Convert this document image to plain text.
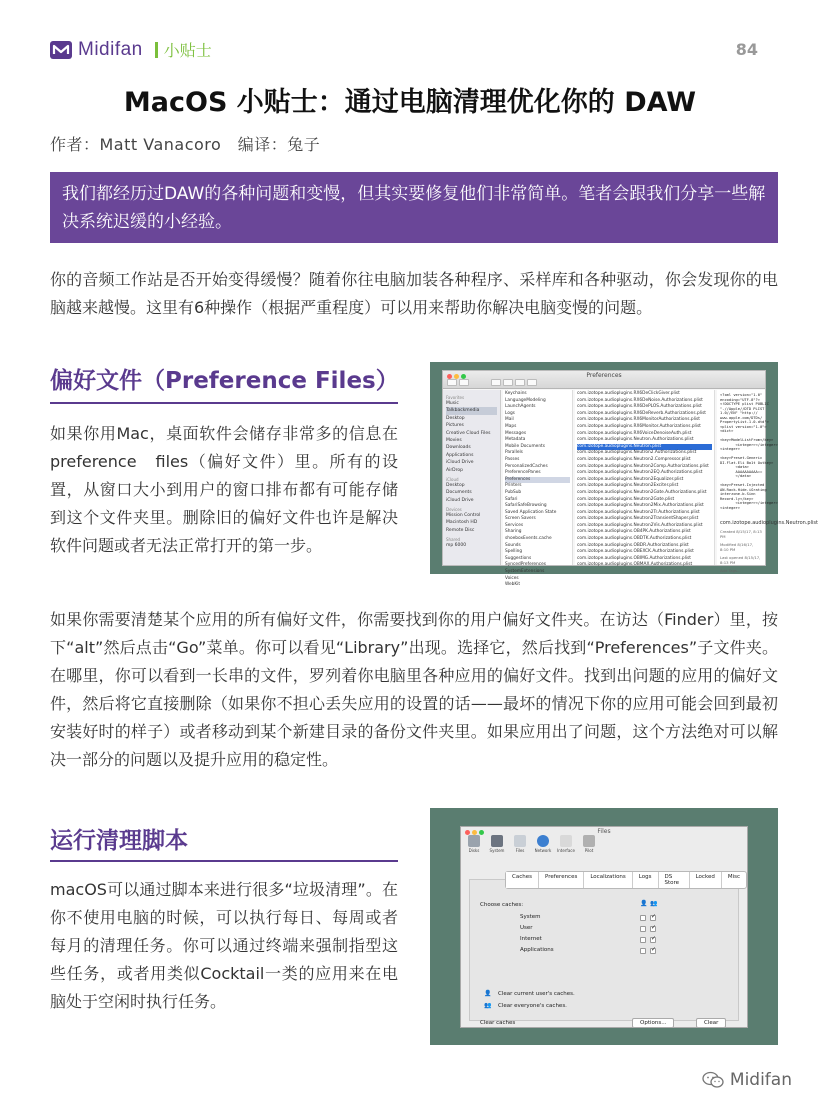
Midifan 小贴士	84
MacOS 小贴士：通过电脑清理优化你的 DAW
作者：Matt Vanacoro　编译：兔子
我们都经历过DAW的各种问题和变慢，但其实要修复他们非常简单。笔者会跟我们分享一些解决系统迟缓的小经验。

你的音频工作站是否开始变得缓慢？随着你往电脑加装各种程序、采样库和各种驱动，你会发现你的电脑越来越慢。这里有6种操作（根据严重程度）可以用来帮助你解决电脑变慢的问题。

偏好文件（Preference Files）

如果你用Mac，桌面软件会储存非常多的信息在preference　files（偏好文件）里。所有的设置，从窗口大小到用户的窗口排布都有可能存储到这个文件夹里。删除旧的偏好文件也许是解决软件问题或者无法正常打开的第一步。

Preferences
Favorites
Music
Talkbackmedia
Desktop
Pictures
Creative Cloud Files
Movies
Downloads
Applications
iCloud Drive
AirDrop
iCloud
Desktop
Documents
iCloud Drive
Devices
Mission Control
Macintosh HD
Remote Disc
Shared
mp 6000
Keychains
LanguageModeling
LaunchAgents
Logs
Mail
Maps
Messages
Metadata
Mobile Documents
Parallels
Passes
PersonalizedCaches
PreferencePanes
Preferences
Printers
PubSub
Safari
SafariSafeBrowsing
Saved Application State
Screen Savers
Services
Sharing
shoeboxEvents.cache
Sounds
Spelling
Suggestions
SyncedPreferences
SystemExtensions
Voices
WebKit
com.izotope.audioplugins.RX6DeClickGiver.plist
com.izotope.audioplugins.RX6DeNoise.Authorizations.plist
com.izotope.audioplugins.RX6DePLOS.Authorizations.plist
com.izotope.audioplugins.RX6DeReverb.Authorizations.plist
com.izotope.audioplugins.RX6MonitorAuthorizations.plist
com.izotope.audioplugins.RX6Monitor.Authorizations.plist
com.izotope.audioplugins.RX6VoiceDenoiseAuth.plist
com.izotope.audioplugins.Neutron.Authorizations.plist
com.izotope.audioplugins.Neutron.plist
com.izotope.audioplugins.Neutron2.Authorizations.plist
com.izotope.audioplugins.Neutron2.Compressor.plist
com.izotope.audioplugins.Neutron2Comp.Authorizations.plist
com.izotope.audioplugins.Neutron2EQ.Authorizations.plist
com.izotope.audioplugins.Neutron2Equalizer.plist
com.izotope.audioplugins.Neutron2Exciter.plist
com.izotope.audioplugins.Neutron2Gate.Authorizations.plist
com.izotope.audioplugins.Neutron2Gate.plist
com.izotope.audioplugins.Neutron2Mix.Authorizations.plist
com.izotope.audioplugins.Neutron2Tr.Authorizations.plist
com.izotope.audioplugins.Neutron2TransientShaper.plist
com.izotope.audioplugins.Neutron2Vis.Authorizations.plist
com.izotope.audioplugins.OB4PK.Authorizations.plist
com.izotope.audioplugins.OBDTK.Authorizations.plist
com.izotope.audioplugins.OBDR.Authorizations.plist
com.izotope.audioplugins.OBEXCK.Authorizations.plist
com.izotope.audioplugins.OBIMG.Authorizations.plist
com.izotope.audioplugins.OBMAX.Authorizations.plist
<?xml version="1.0"
encoding="UTF-8"?>
<!DOCTYPE plist PUBLIC
"-//Apple//DTD PLIST
1.0//EN" "http://
www.apple.com/DTDs/
PropertyList-1.0.dtd">
<plist version="1.0">
<dict>

<key>ModelListFrom</key>
<integer></integer>
<integer>

<key>Preset.Generic
DI.Flat.Eli Bo1t Outkey>
<data>
AAAAAAAAAA==
</data>

<key>Preset.Injected
AN.Rack.Hide.iGrating
interzone.b.Sinn
Record.ly</key>
<integer></integer>
<integer>
com.izotope.audioplugins.Neutron.plist
Created 8/15/17, 8:13 PM
Modified 8/16/17, 8:10 PM
Last opened 8/15/17, 8:13 PM
Add Tags...

如果你需要清楚某个应用的所有偏好文件，你需要找到你的用户偏好文件夹。在访达（Finder）里，按下“alt”然后点击“Go”菜单。你可以看见“Library”出现。选择它，然后找到“Preferences”子文件夹。在哪里，你可以看到一长串的文件，罗列着你电脑里各种应用的偏好文件。找到出问题的应用的偏好文件，然后将它直接删除（如果你不担心丢失应用的设置的话——最坏的情况下你的应用可能会回到最初安装好时的样子）或者移动到某个新建目录的备份文件夹里。如果应用出了问题，这个方法绝对可以解决一部分的问题以及提升应用的稳定性。

运行清理脚本

macOS可以通过脚本来进行很多“垃圾清理”。在你不使用电脑的时候，可以执行每日、每周或者每月的清理任务。你可以通过终端来强制指型这些任务，或者用类似Cocktail一类的应用来在电脑处于空闲时执行任务。

Files
Disks	System	Files	Network Interface	Pilot
Choose caches:	👤 👥
System
✓
User
✓
Internet
✓
Applications
✓
👤 Clear current user's caches.
👥 Clear everyone's caches.
Clear caches	Options...	Clear
Caches	Preferences	Localizations	Logs	DS Store
Locked	Misc
Midifan
